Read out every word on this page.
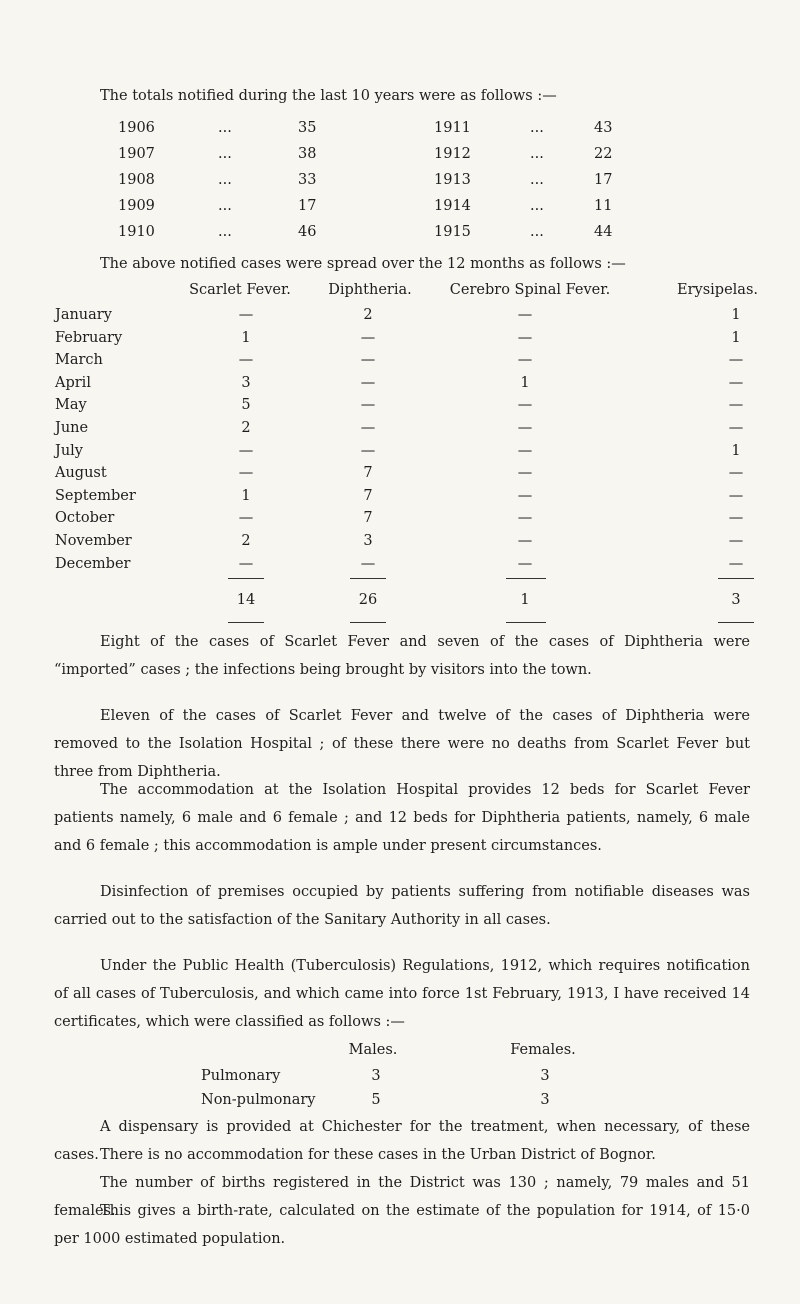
The totals notified during the last 10 years were as follows :—
1906	...	35
1907	...	38
1908	...	33
1909	...	17
1910	...	46
1911	...	43
1912	...	22
1913	...	17
1914	...	11
1915	...	44
The above notified cases were spread over the 12 months as follows :—
Scarlet Fever.	Diphtheria.	Cerebro Spinal Fever.	Erysipelas.
January	—	2	—	1
February	1	—	—	1
March	—	—	—	—
April	3	—	1	—
May	5	—	—	—
June	2	—	—	—
July	—	—	—	1
August	—	7	—	—
September	1	7	—	—
October	—	7	—	—
November	2	3	—	—
December	—	—	—	—
14	26	1	3
Eight of the cases of Scarlet Fever and seven of the cases of Diphtheria were “imported” cases ; the infections being brought by visitors into the town.
Eleven of the cases of Scarlet Fever and twelve of the cases of Diphtheria were removed to the Isolation Hospital ; of these there were no deaths from Scarlet Fever but three from Diphtheria.
The accommodation at the Isolation Hospital provides 12 beds for Scarlet Fever patients namely, 6 male and 6 female ; and 12 beds for Diphtheria patients, namely, 6 male and 6 female ; this accommodation is ample under present circumstances.
Disinfection of premises occupied by patients suffering from notifiable diseases was carried out to the satisfaction of the Sanitary Authority in all cases.
Under the Public Health (Tuberculosis) Regulations, 1912, which requires notification of all cases of Tuberculosis, and which came into force 1st February, 1913, I have received 14 certificates, which were classified as follows :—
Males.	Females.
Pulmonary	3	3
Non-pulmonary	5	3
A dispensary is provided at Chichester for the treatment, when necessary, of these cases. There is no accommodation for these cases in the Urban District of Bognor.
The number of births registered in the District was 130 ; namely, 79 males and 51 females.
This gives a birth-rate, calculated on the estimate of the population for 1914, of 15·0 per 1000 estimated population.
